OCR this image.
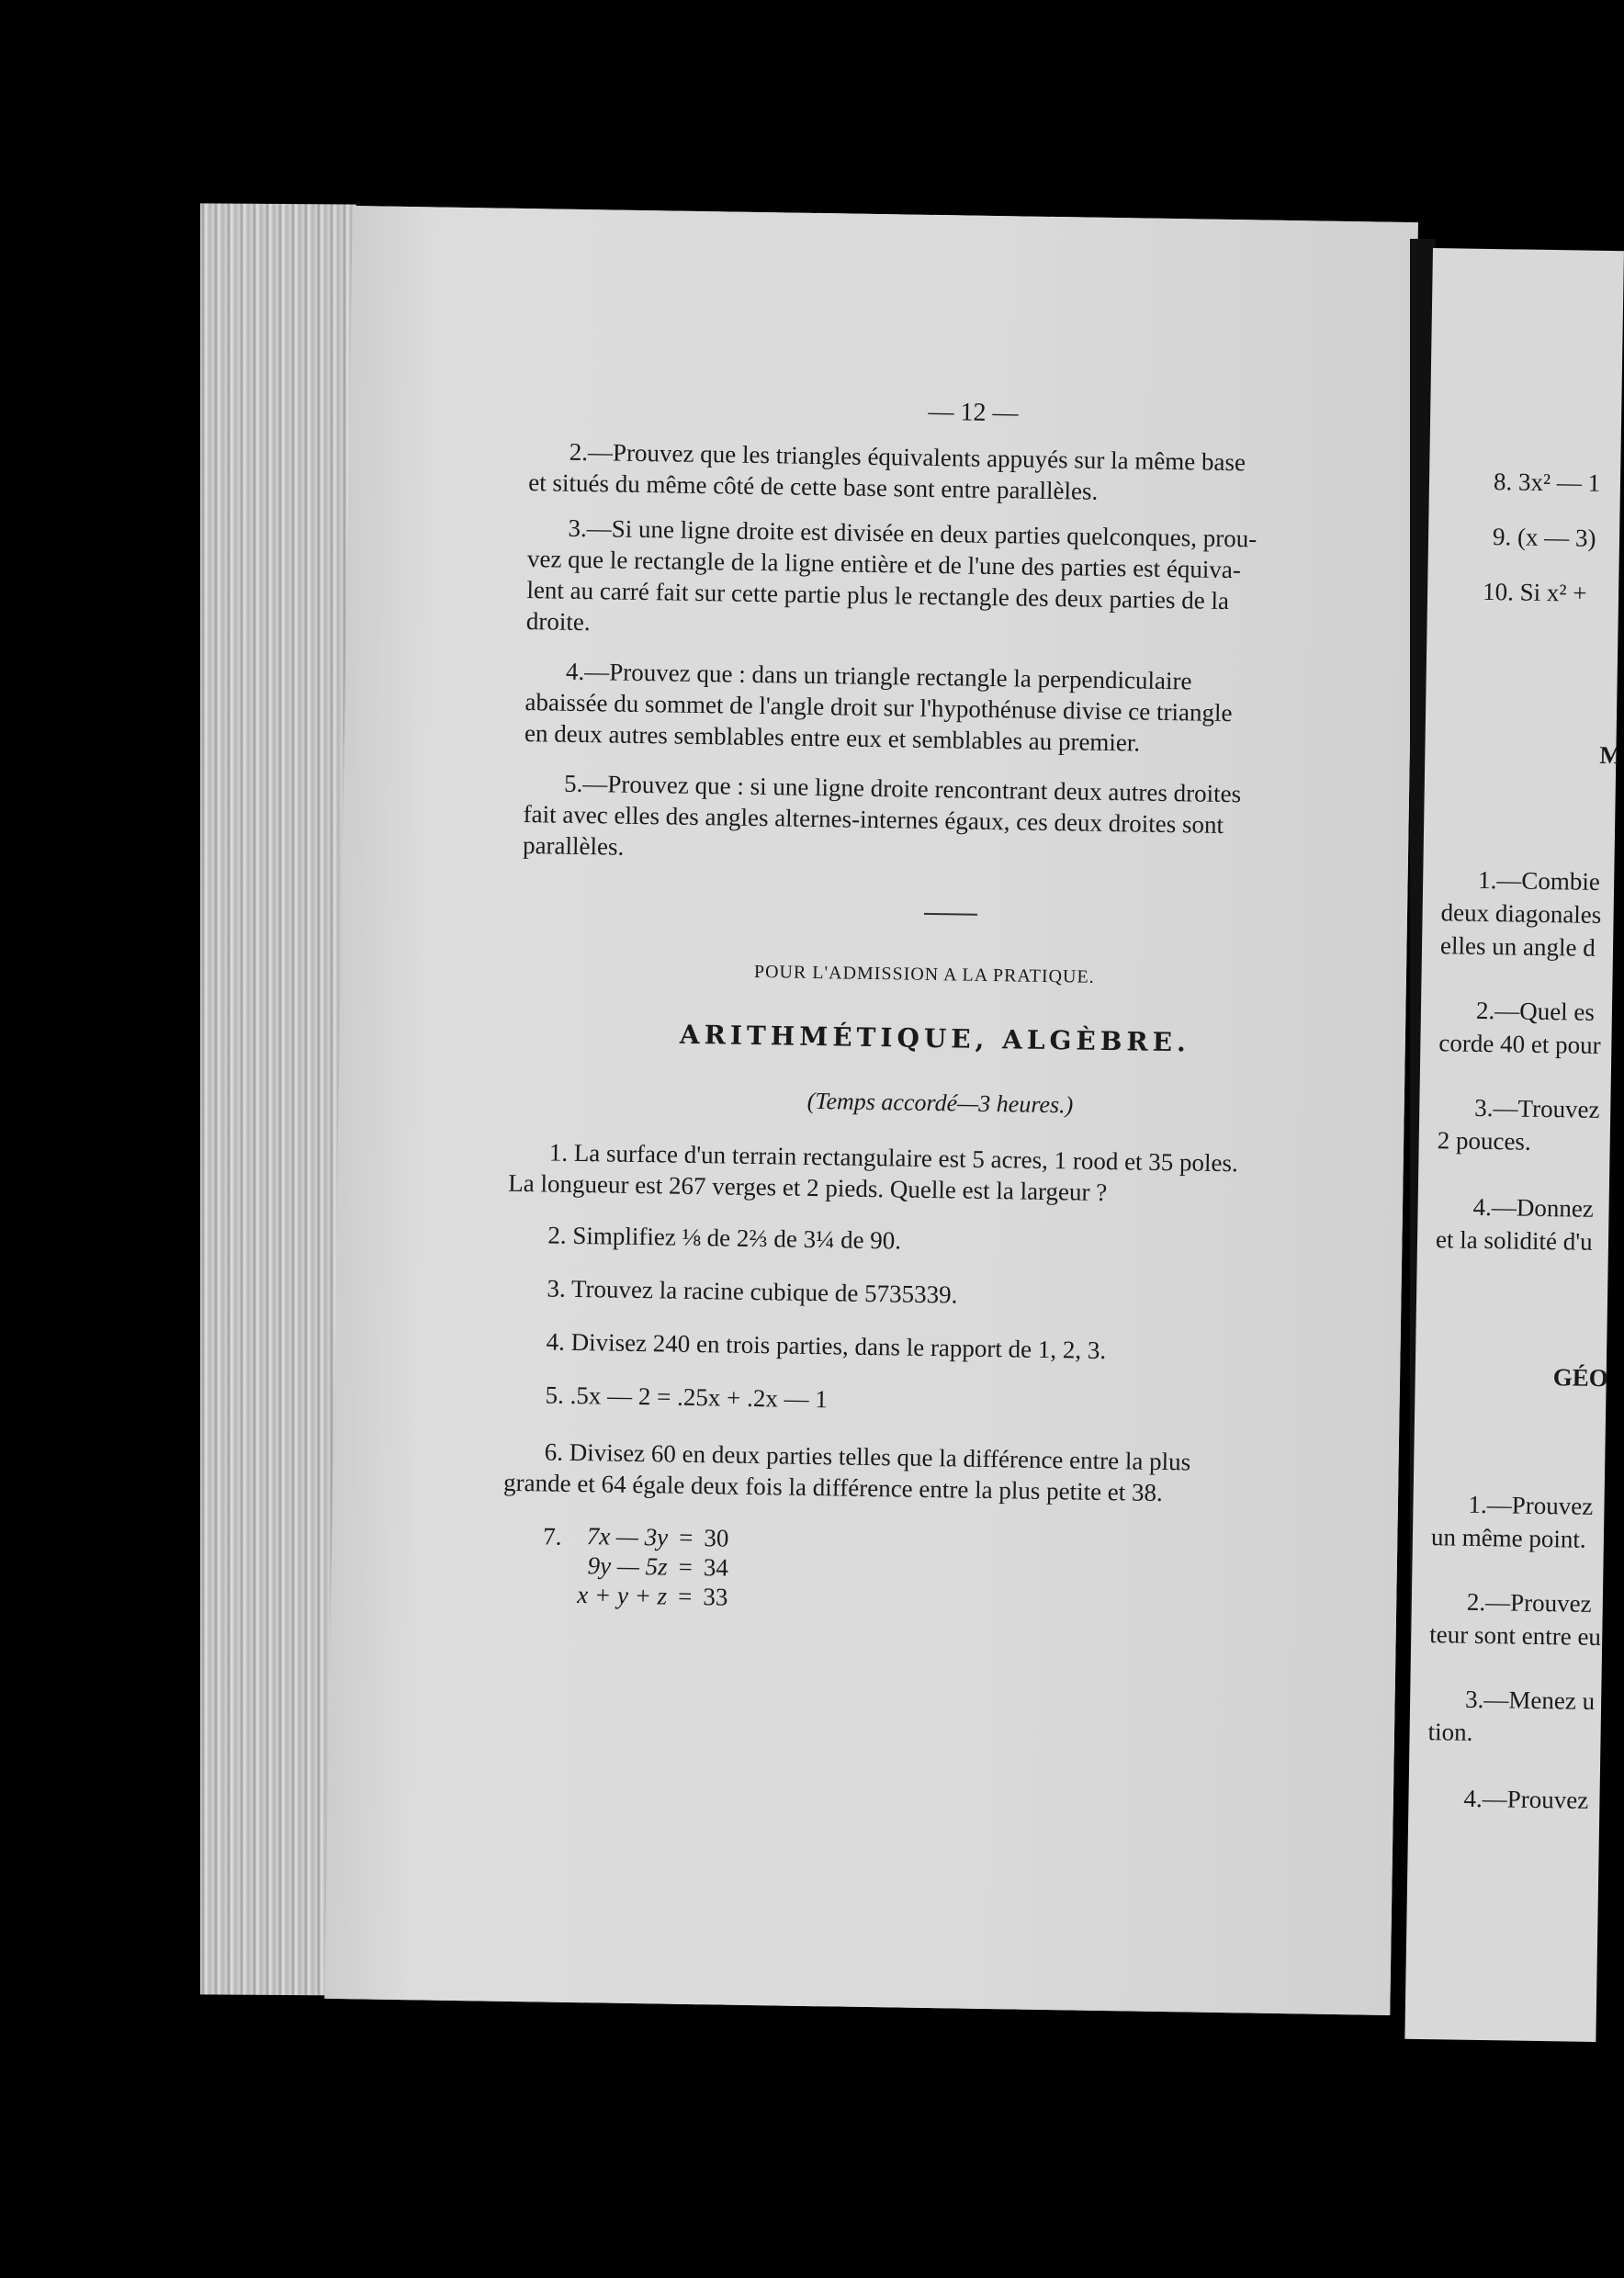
— 12 —
2.—Prouvez que les triangles équivalents appuyés sur la même base
et situés du même côté de cette base sont entre parallèles.
3.—Si une ligne droite est divisée en deux parties quelconques, prou-
vez que le rectangle de la ligne entière et de l'une des parties est équiva-
lent au carré fait sur cette partie plus le rectangle des deux parties de la
droite.
4.—Prouvez que : dans un triangle rectangle la perpendiculaire
abaissée du sommet de l'angle droit sur l'hypothénuse divise ce triangle
en deux autres semblables entre eux et semblables au premier.
5.—Prouvez que : si une ligne droite rencontrant deux autres droites
fait avec elles des angles alternes-internes égaux, ces deux droites sont
parallèles.
POUR L'ADMISSION A LA PRATIQUE.
ARITHMÉTIQUE, ALGÈBRE.
(Temps accordé—3 heures.)
1. La surface d'un terrain rectangulaire est 5 acres, 1 rood et 35 poles.
La longueur est 267 verges et 2 pieds. Quelle est la largeur ?
2. Simplifiez ⅛ de 2⅔ de 3¼ de 90.
3. Trouvez la racine cubique de 5735339.
4. Divisez 240 en trois parties, dans le rapport de 1, 2, 3.
5. .5x — 2 = .25x + .2x — 1
6. Divisez 60 en deux parties telles que la différence entre la plus
grande et 64 égale deux fois la différence entre la plus petite et 38.
7. 7x — 3y	=	30
9y — 5z	=	34
x + y + z	=	33
8. 3x² — 1
9. (x — 3)
10. Si x² +
M
1.—Combie
deux diagonales
elles un angle d
2.—Quel es
corde 40 et pour
3.—Trouvez
2 pouces.
4.—Donnez
et la solidité d'u
GÉO
1.—Prouvez
un même point.
2.—Prouvez
teur sont entre eu
3.—Menez u
tion.
4.—Prouvez
